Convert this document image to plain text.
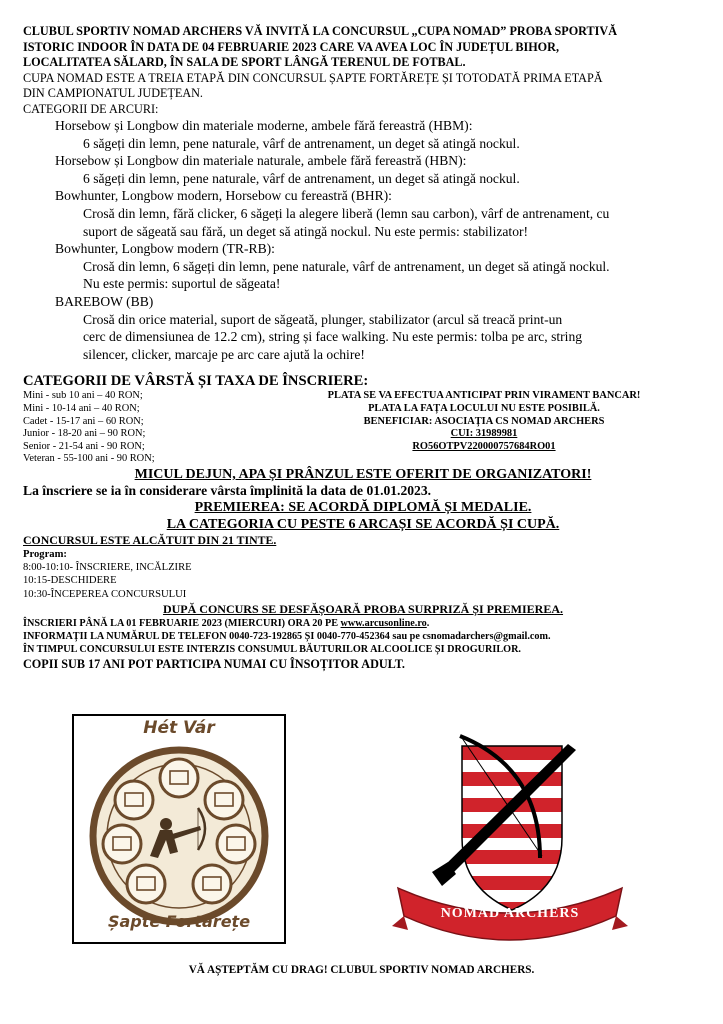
CLUBUL SPORTIV NOMAD ARCHERS VĂ INVITĂ LA CONCURSUL „CUPA NOMAD” PROBA SPORTIVĂ
ISTORIC INDOOR ÎN DATA DE 04 FEBRUARIE 2023 CARE VA AVEA LOC ÎN JUDEȚUL BIHOR,
LOCALITATEA SĂLARD, ÎN SALA DE SPORT LÂNGĂ TERENUL DE FOTBAL.
CUPA NOMAD ESTE A TREIA ETAPĂ DIN CONCURSUL ȘAPTE FORTĂREȚE ȘI TOTODATĂ PRIMA ETAPĂ
DIN CAMPIONATUL JUDEȚEAN.
CATEGORII DE ARCURI:
Horsebow și Longbow din materiale moderne, ambele fără fereastră (HBM):
6 săgeți din lemn, pene naturale, vârf de antrenament, un deget să atingă nockul.
Horsebow și Longbow din materiale naturale, ambele fără fereastră (HBN):
6 săgeți din lemn, pene naturale, vârf de antrenament, un deget să atingă nockul.
Bowhunter, Longbow modern, Horsebow cu fereastră (BHR):
Crosă din lemn, fără clicker, 6 săgeți la alegere liberă (lemn sau carbon), vârf de antrenament, cu
suport de săgeată sau fără, un deget să atingă nockul. Nu este permis: stabilizator!
Bowhunter, Longbow modern (TR-RB):
Crosă din lemn, 6 săgeți din lemn, pene naturale, vârf de antrenament, un deget să atingă nockul.
Nu este permis: suportul de săgeata!
BAREBOW (BB)
Crosă din orice material, suport de săgeată, plunger, stabilizator (arcul să treacă print-un
cerc de dimensiunea de 12.2 cm), string și face walking. Nu este permis: tolba pe arc, string
silencer, clicker, marcaje pe arc care ajută la ochire!
CATEGORII DE VÂRSTĂ ȘI TAXA DE ÎNSCRIERE:
Mini - sub 10 ani – 40 RON;
Mini - 10-14 ani – 40 RON;
Cadet - 15-17 ani – 60 RON;
Junior - 18-20 ani – 90 RON;
Senior - 21-54 ani - 90 RON;
Veteran - 55-100 ani - 90 RON;
PLATA SE VA EFECTUA ANTICIPAT PRIN VIRAMENT BANCAR!
PLATA LA FAȚA LOCULUI NU ESTE POSIBILĂ.
BENEFICIAR: ASOCIAȚIA CS NOMAD ARCHERS
CUI: 31989981
RO56OTPV220000757684RO01
MICUL DEJUN, APA ȘI PRÂNZUL ESTE OFERIT DE ORGANIZATORI!
La înscriere se ia în considerare vârsta împlinită la data de 01.01.2023.
PREMIEREA: SE ACORDĂ DIPLOMĂ ȘI MEDALIE.
LA CATEGORIA CU PESTE 6 ARCAȘI SE ACORDĂ ȘI CUPĂ.
CONCURSUL ESTE ALCĂTUIT DIN 21 TINTE.
Program:
8:00-10:10- ÎNSCRIERE, INCĂLZIRE
10:15-DESCHIDERE
10:30-ÎNCEPEREA CONCURSULUI
DUPĂ CONCURS SE DESFĂȘOARĂ PROBA SURPRIZĂ ȘI PREMIEREA.
ÎNSCRIERI PÂNĂ LA 01 FEBRUARIE 2023 (MIERCURI) ORA 20 PE www.arcusonline.ro.
INFORMAȚII LA NUMĂRUL DE TELEFON 0040-723-192865 ȘI 0040-770-452364 sau pe csnomadarchers@gmail.com.
ÎN TIMPUL CONCURSULUI ESTE INTERZIS CONSUMUL BĂUTURILOR ALCOOLICE ȘI DROGURILOR.
COPII SUB 17 ANI POT PARTICIPA NUMAI CU ÎNSOȚITOR ADULT.
Hét Vár
Șapte Fortărețe	NOMAD ARCHERS
VĂ AȘTEPTĂM CU DRAG! CLUBUL SPORTIV NOMAD ARCHERS.
